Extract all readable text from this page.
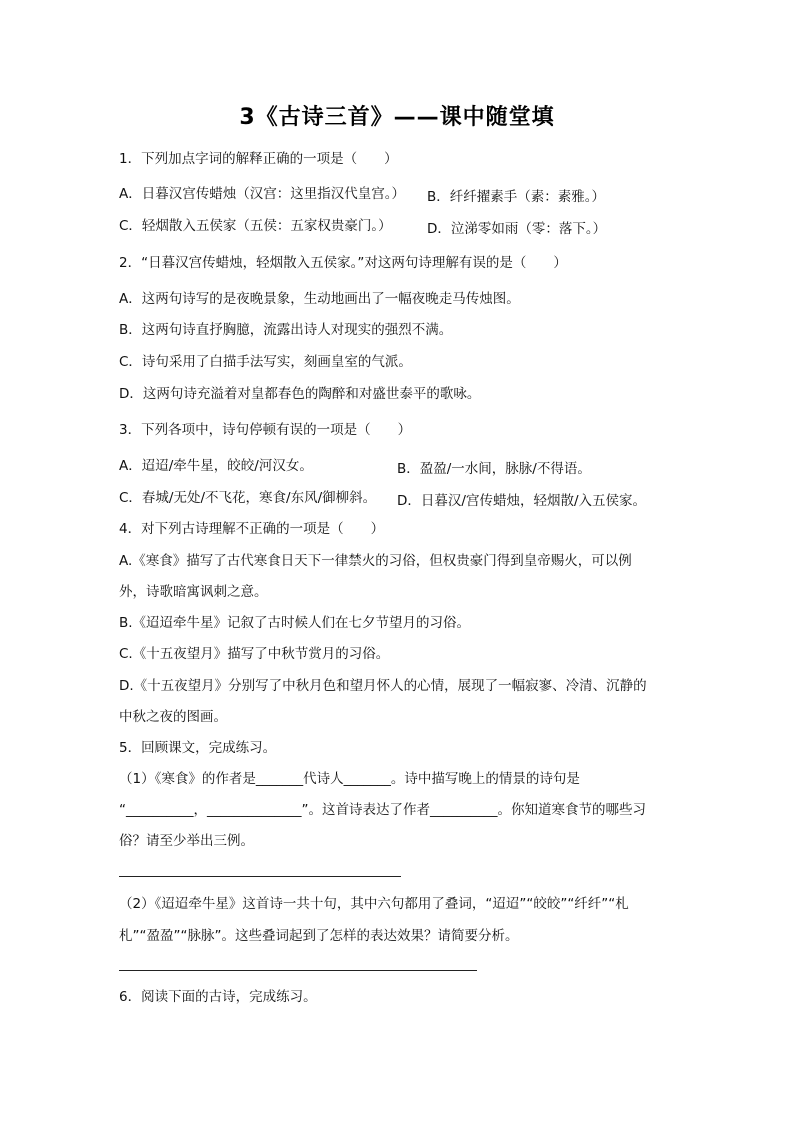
3《古诗三首》——课中随堂填
1．下列加点字词的解释正确的一项是（　　）
A．日暮汉宫传蜡烛（汉宫：这里指汉代皇宫。） B．纤纤擢素手（素：素雅。）
C．轻烟散入五侯家（五侯：五家权贵豪门。）	D．泣涕零如雨（零：落下。）
2．“日暮汉宫传蜡烛，轻烟散入五侯家。”对这两句诗理解有误的是（　　）
A．这两句诗写的是夜晚景象，生动地画出了一幅夜晚走马传烛图。
B．这两句诗直抒胸臆，流露出诗人对现实的强烈不满。
C．诗句采用了白描手法写实，刻画皇室的气派。
D．这两句诗充溢着对皇都春色的陶醉和对盛世泰平的歌咏。
3．下列各项中，诗句停顿有误的一项是（　　）
A．迢迢/牵牛星，皎皎/河汉女。	B．盈盈/一水间，脉脉/不得语。
C．春城/无处/不飞花，寒食/东风/御柳斜。 D．日暮汉/宫传蜡烛，轻烟散/入五侯家。
4．对下列古诗理解不正确的一项是（　　）
A.《寒食》描写了古代寒食日天下一律禁火的习俗，但权贵豪门得到皇帝赐火，可以例
外，诗歌暗寓讽刺之意。
B.《迢迢牵牛星》记叙了古时候人们在七夕节望月的习俗。
C.《十五夜望月》描写了中秋节赏月的习俗。
D.《十五夜望月》分别写了中秋月色和望月怀人的心情，展现了一幅寂寥、冷清、沉静的
中秋之夜的图画。
5．回顾课文，完成练习。
（1）《寒食》的作者是_______代诗人_______。诗中描写晚上的情景的诗句是
“__________，______________”。这首诗表达了作者__________。你知道寒食节的哪些习
俗？请至少举出三例。
（2）《迢迢牵牛星》这首诗一共十句，其中六句都用了叠词，“迢迢”“皎皎”“纤纤”“札
札”“盈盈”“脉脉”。这些叠词起到了怎样的表达效果？请简要分析。
6．阅读下面的古诗，完成练习。
